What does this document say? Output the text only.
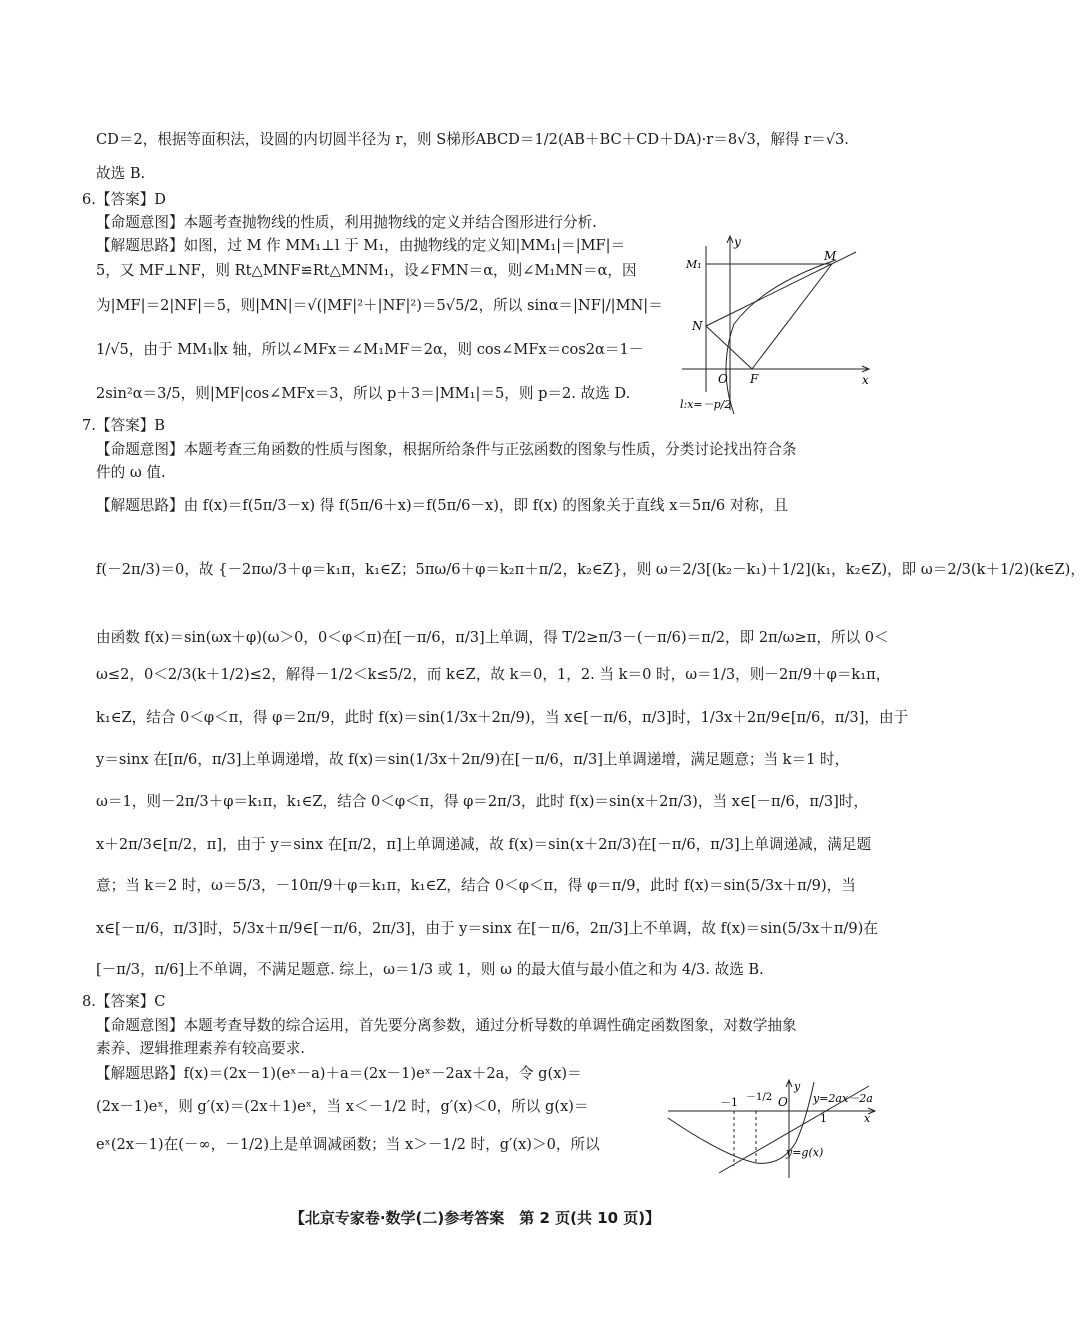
CD＝2，根据等面积法，设圆的内切圆半径为 r，则 S梯形ABCD＝1/2(AB＋BC＋CD＋DA)·r＝8√3，解得 r＝√3.
故选 B.
6.【答案】D
【命题意图】本题考查抛物线的性质，利用抛物线的定义并结合图形进行分析.
【解题思路】如图，过 M 作 MM₁⊥l 于 M₁，由抛物线的定义知|MM₁|＝|MF|＝
5，又 MF⊥NF，则 Rt△MNF≌Rt△MNM₁，设∠FMN＝α，则∠M₁MN＝α，因
为|MF|＝2|NF|＝5，则|MN|＝√(|MF|²＋|NF|²)＝5√5/2，所以 sinα＝|NF|/|MN|＝
1/√5，由于 MM₁∥x 轴，所以∠MFx＝∠M₁MF＝2α，则 cos∠MFx＝cos2α＝1－
2sin²α＝3/5，则|MF|cos∠MFx＝3，所以 p＋3＝|MM₁|＝5，则 p＝2. 故选 D.
7.【答案】B
【命题意图】本题考查三角函数的性质与图象，根据所给条件与正弦函数的图象与性质，分类讨论找出符合条
件的 ω 值.
【解题思路】由 f(x)＝f(5π/3－x) 得 f(5π/6＋x)＝f(5π/6－x)，即 f(x) 的图象关于直线 x＝5π/6 对称，且
f(－2π/3)＝0，故 {－2πω/3＋φ＝k₁π，k₁∈Z；5πω/6＋φ＝k₂π＋π/2，k₂∈Z}，则 ω＝2/3[(k₂－k₁)＋1/2](k₁，k₂∈Z)，即 ω＝2/3(k＋1/2)(k∈Z)，
由函数 f(x)＝sin(ωx＋φ)(ω＞0，0＜φ＜π)在[－π/6，π/3]上单调，得 T/2≥π/3－(－π/6)＝π/2，即 2π/ω≥π，所以 0＜
ω≤2，0＜2/3(k＋1/2)≤2，解得－1/2＜k≤5/2，而 k∈Z，故 k＝0，1，2. 当 k＝0 时，ω＝1/3，则－2π/9＋φ＝k₁π，
k₁∈Z，结合 0＜φ＜π，得 φ＝2π/9，此时 f(x)＝sin(1/3x＋2π/9)，当 x∈[－π/6，π/3]时，1/3x＋2π/9∈[π/6，π/3]，由于
y＝sinx 在[π/6，π/3]上单调递增，故 f(x)＝sin(1/3x＋2π/9)在[－π/6，π/3]上单调递增，满足题意；当 k＝1 时，
ω＝1，则－2π/3＋φ＝k₁π，k₁∈Z，结合 0＜φ＜π，得 φ＝2π/3，此时 f(x)＝sin(x＋2π/3)，当 x∈[－π/6，π/3]时，
x＋2π/3∈[π/2，π]，由于 y＝sinx 在[π/2，π]上单调递减，故 f(x)＝sin(x＋2π/3)在[－π/6，π/3]上单调递减，满足题
意；当 k＝2 时，ω＝5/3，－10π/9＋φ＝k₁π，k₁∈Z，结合 0＜φ＜π，得 φ＝π/9，此时 f(x)＝sin(5/3x＋π/9)，当
x∈[－π/6，π/3]时，5/3x＋π/9∈[－π/6，2π/3]，由于 y＝sinx 在[－π/6，2π/3]上不单调，故 f(x)＝sin(5/3x＋π/9)在
[－π/3，π/6]上不单调，不满足题意. 综上，ω＝1/3 或 1，则 ω 的最大值与最小值之和为 4/3. 故选 B.
8.【答案】C
【命题意图】本题考查导数的综合运用，首先要分离参数，通过分析导数的单调性确定函数图象，对数学抽象
素养、逻辑推理素养有较高要求.
【解题思路】f(x)＝(2x－1)(eˣ－a)＋a＝(2x－1)eˣ－2ax＋2a，令 g(x)＝
(2x－1)eˣ，则 g′(x)＝(2x＋1)eˣ，当 x＜－1/2 时，g′(x)＜0，所以 g(x)＝
eˣ(2x－1)在(－∞，－1/2)上是单调减函数；当 x＞－1/2 时，g′(x)＞0，所以
y
x
M₁
M
N
O F
l:x=－p/2
－1 －1/2 O
1
y
x
y=2ax－2a
y=g(x)
【北京专家卷·数学(二)参考答案　第 2 页(共 10 页)】
